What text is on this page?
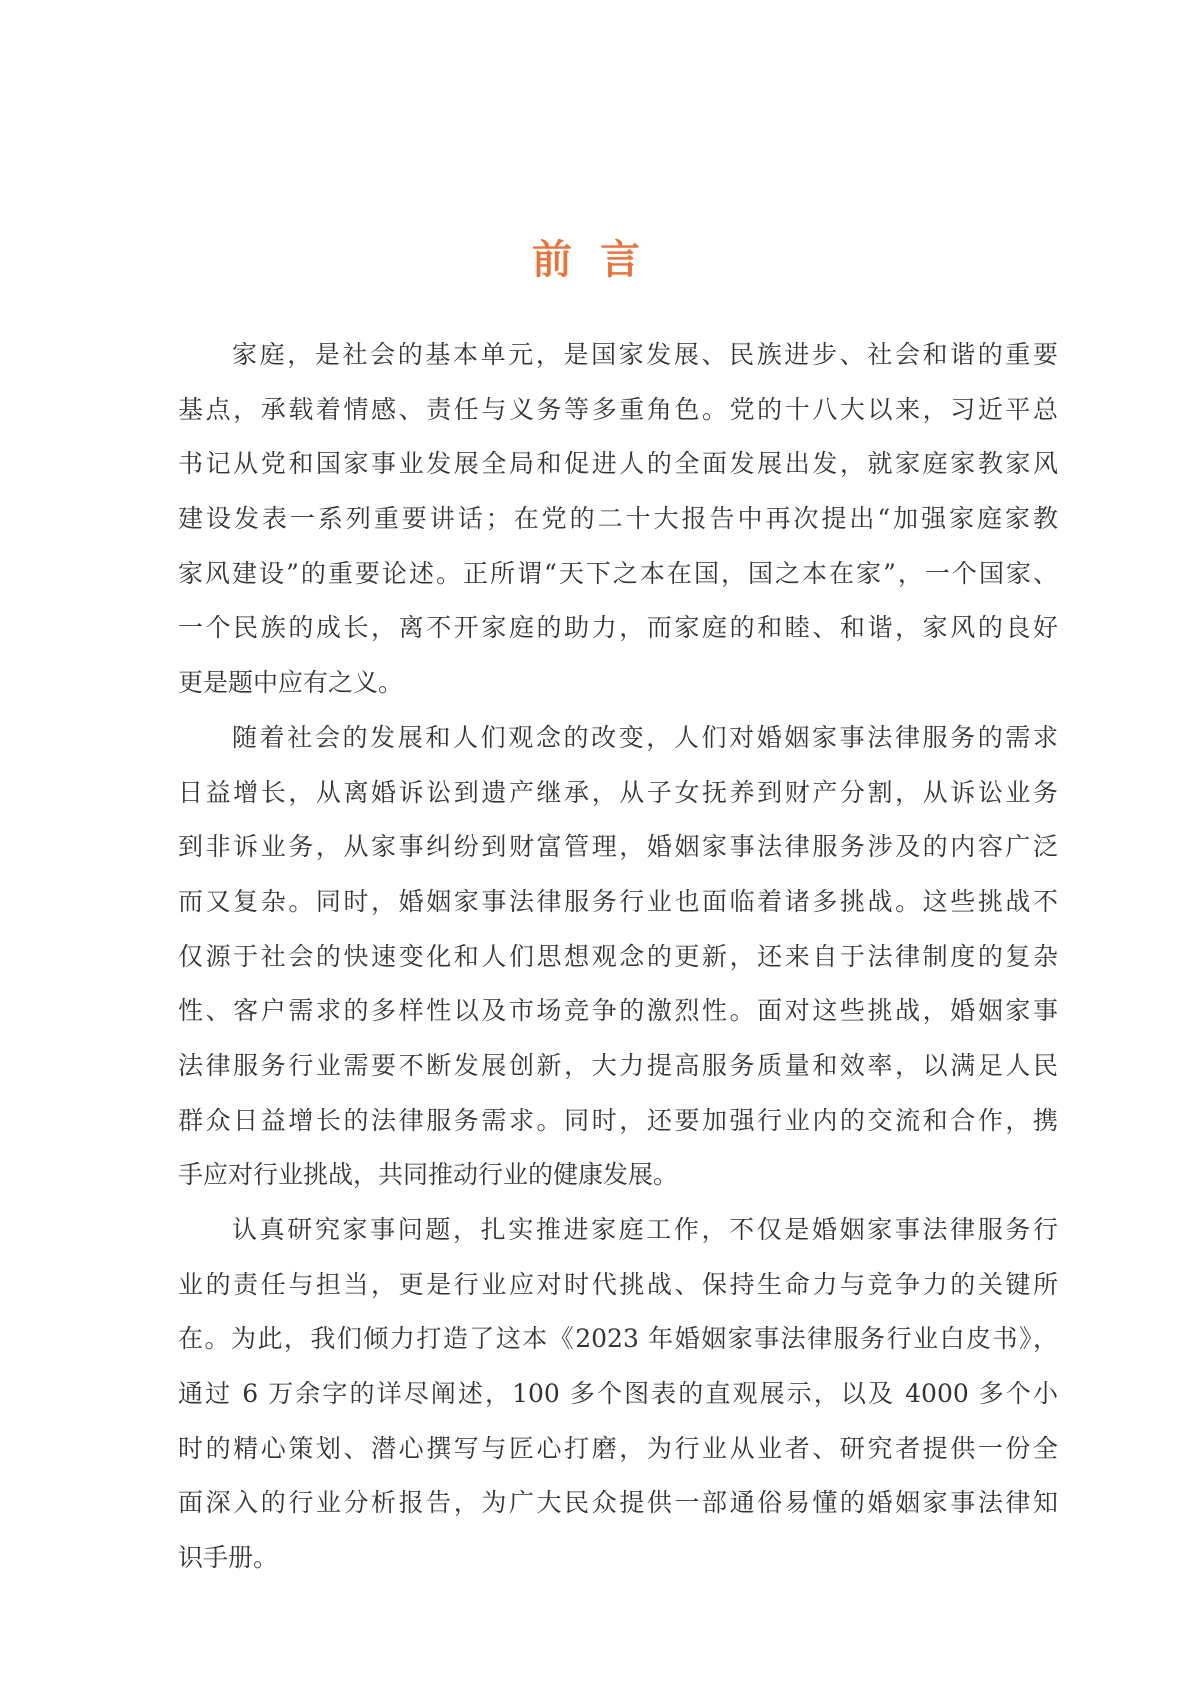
前言
家庭，是社会的基本单元，是国家发展、民族进步、社会和谐的重要
基点，承载着情感、责任与义务等多重角色。党的十八大以来，习近平总
书记从党和国家事业发展全局和促进人的全面发展出发，就家庭家教家风
建设发表一系列重要讲话；在党的二十大报告中再次提出“加强家庭家教
家风建设”的重要论述。正所谓“天下之本在国，国之本在家”，一个国家、
一个民族的成长，离不开家庭的助力，而家庭的和睦、和谐，家风的良好
更是题中应有之义。
随着社会的发展和人们观念的改变，人们对婚姻家事法律服务的需求
日益增长，从离婚诉讼到遗产继承，从子女抚养到财产分割，从诉讼业务
到非诉业务，从家事纠纷到财富管理，婚姻家事法律服务涉及的内容广泛
而又复杂。同时，婚姻家事法律服务行业也面临着诸多挑战。这些挑战不
仅源于社会的快速变化和人们思想观念的更新，还来自于法律制度的复杂
性、客户需求的多样性以及市场竞争的激烈性。面对这些挑战，婚姻家事
法律服务行业需要不断发展创新，大力提高服务质量和效率，以满足人民
群众日益增长的法律服务需求。同时，还要加强行业内的交流和合作，携
手应对行业挑战，共同推动行业的健康发展。
认真研究家事问题，扎实推进家庭工作，不仅是婚姻家事法律服务行
业的责任与担当，更是行业应对时代挑战、保持生命力与竞争力的关键所
在。为此，我们倾力打造了这本《2023 年婚姻家事法律服务行业白皮书》，
通过 6 万余字的详尽阐述，100 多个图表的直观展示，以及 4000 多个小
时的精心策划、潜心撰写与匠心打磨，为行业从业者、研究者提供一份全
面深入的行业分析报告，为广大民众提供一部通俗易懂的婚姻家事法律知
识手册。
